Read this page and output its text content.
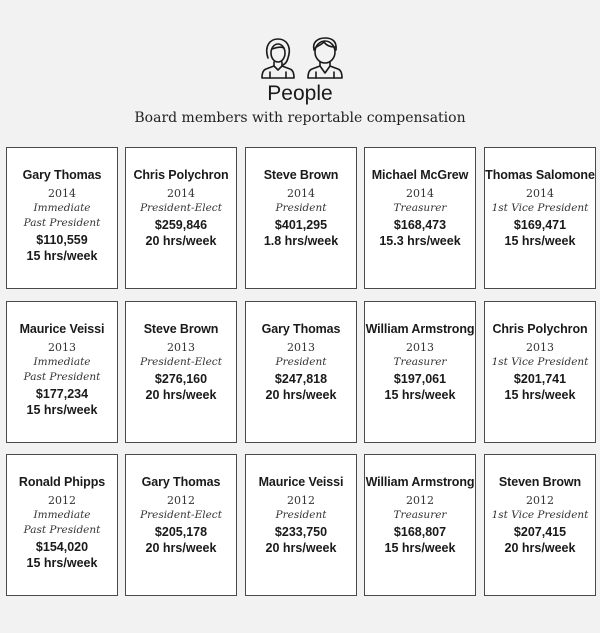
People
Board members with reportable compensation
Gary Thomas
2014
Immediate
Past President
$110,559
15 hrs/week
Chris Polychron
2014
President-Elect
$259,846
20 hrs/week
Steve Brown
2014
President
$401,295
1.8 hrs/week
Michael McGrew
2014
Treasurer
$168,473
15.3 hrs/week
Thomas Salomone
2014
1st Vice President
$169,471
15 hrs/week
Maurice Veissi
2013
Immediate
Past President
$177,234
15 hrs/week
Steve Brown
2013
President-Elect
$276,160
20 hrs/week
Gary Thomas
2013
President
$247,818
20 hrs/week
William Armstrong
2013
Treasurer
$197,061
15 hrs/week
Chris Polychron
2013
1st Vice President
$201,741
15 hrs/week
Ronald Phipps
2012
Immediate
Past President
$154,020
15 hrs/week
Gary Thomas
2012
President-Elect
$205,178
20 hrs/week
Maurice Veissi
2012
President
$233,750
20 hrs/week
William Armstrong
2012
Treasurer
$168,807
15 hrs/week
Steven Brown
2012
1st Vice President
$207,415
20 hrs/week
